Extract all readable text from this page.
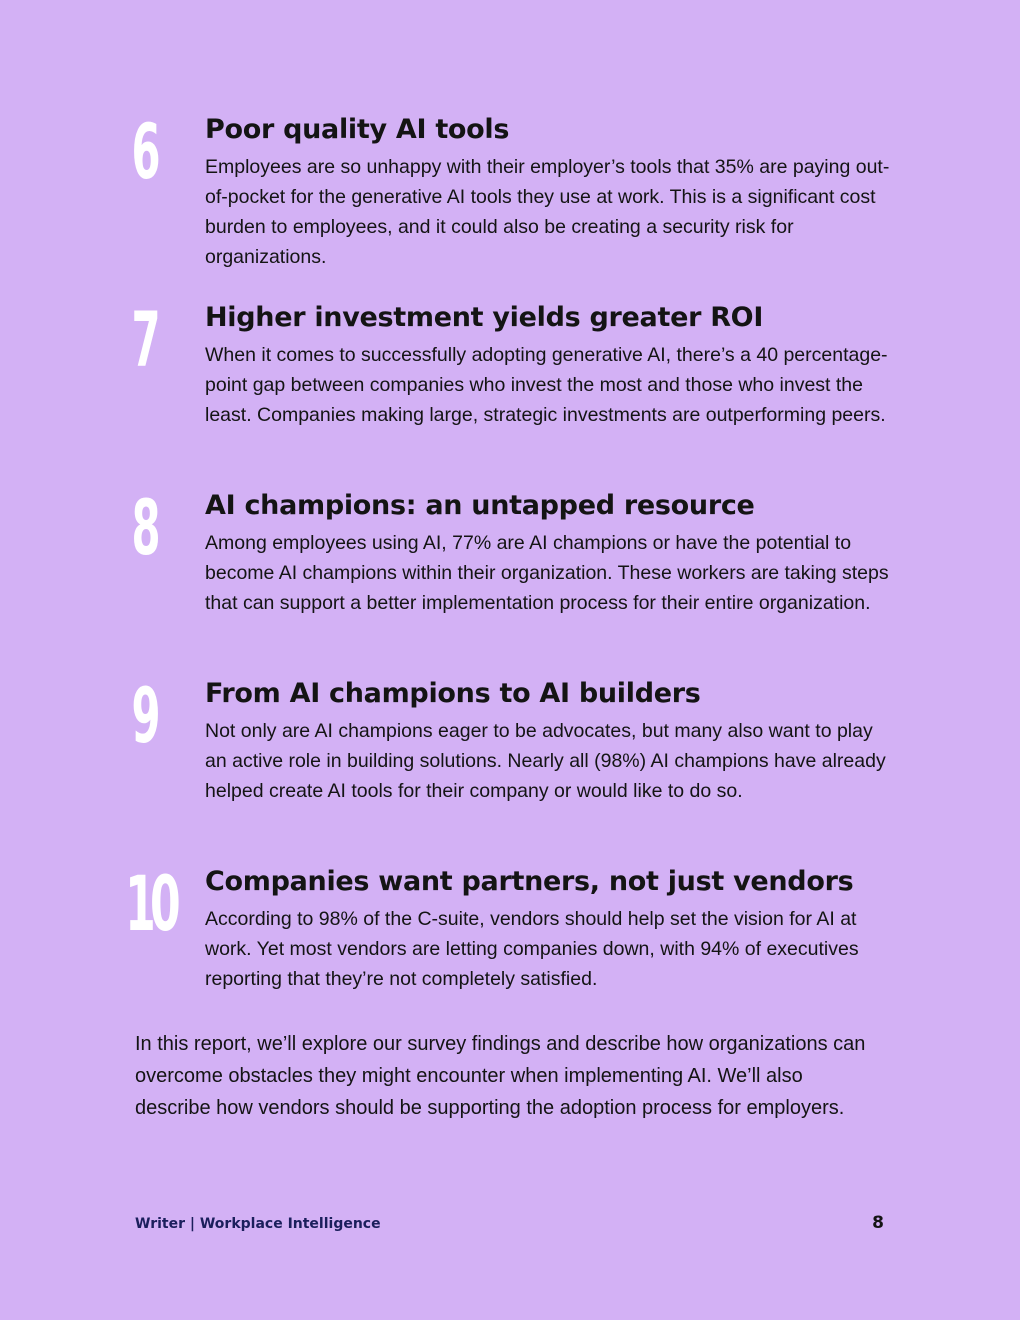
6 Poor quality AI tools

Employees are so unhappy with their employer’s tools that 35% are paying out-of-pocket for the generative AI tools they use at work. This is a significant cost burden to employees, and it could also be creating a security risk for organizations.

7 Higher investment yields greater ROI

When it comes to successfully adopting generative AI, there’s a 40 percentage-point gap between companies who invest the most and those who invest the least. Companies making large, strategic investments are outperforming peers.

8 AI champions: an untapped resource

Among employees using AI, 77% are AI champions or have the potential to become AI champions within their organization. These workers are taking steps that can support a better implementation process for their entire organization.

9 From AI champions to AI builders

Not only are AI champions eager to be advocates, but many also want to play an active role in building solutions. Nearly all (98%) AI champions have already helped create AI tools for their company or would like to do so.

10 Companies want partners, not just vendors

According to 98% of the C-suite, vendors should help set the vision for AI at work. Yet most vendors are letting companies down, with 94% of executives reporting that they’re not completely satisfied.

In this report, we’ll explore our survey findings and describe how organizations can overcome obstacles they might encounter when implementing AI. We’ll also describe how vendors should be supporting the adoption process for employers.

Writer | Workplace Intelligence	8
